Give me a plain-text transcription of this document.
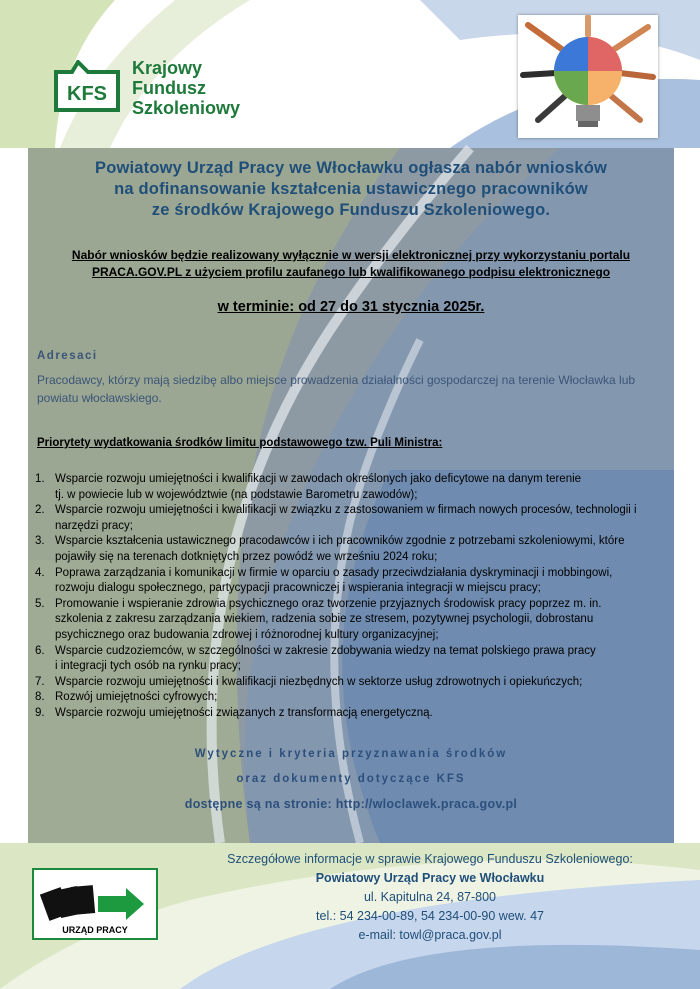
KFS
Krajowy
Fundusz
Szkoleniowy
Powiatowy Urząd Pracy we Włocławku ogłasza nabór wniosków
na dofinansowanie kształcenia ustawicznego pracowników
ze środków Krajowego Funduszu Szkoleniowego.
Nabór wniosków będzie realizowany wyłącznie w wersji elektronicznej przy wykorzystaniu portalu
PRACA.GOV.PL z użyciem profilu zaufanego lub kwalifikowanego podpisu elektronicznego
w terminie: od 27 do 31 stycznia 2025r.
Adresaci
Pracodawcy, którzy mają siedzibę albo miejsce prowadzenia działalności gospodarczej na terenie Włocławka lub powiatu włocławskiego.
Priorytety wydatkowania środków limitu podstawowego tzw. Puli Ministra:
1. Wsparcie rozwoju umiejętności i kwalifikacji w zawodach określonych jako deficytowe na danym terenie
tj. w powiecie lub w województwie (na podstawie Barometru zawodów);
2. Wsparcie rozwoju umiejętności i kwalifikacji w związku z zastosowaniem w firmach nowych procesów, technologii i
narzędzi pracy;
3. Wsparcie kształcenia ustawicznego pracodawców i ich pracowników zgodnie z potrzebami szkoleniowymi, które
pojawiły się na terenach dotkniętych przez powódź we wrześniu 2024 roku;
4. Poprawa zarządzania i komunikacji w firmie w oparciu o zasady przeciwdziałania dyskryminacji i mobbingowi,
rozwoju dialogu społecznego, partycypacji pracowniczej i wspierania integracji w miejscu pracy;
5. Promowanie i wspieranie zdrowia psychicznego oraz tworzenie przyjaznych środowisk pracy poprzez m. in.
szkolenia z zakresu zarządzania wiekiem, radzenia sobie ze stresem, pozytywnej psychologii, dobrostanu
psychicznego oraz budowania zdrowej i różnorodnej kultury organizacyjnej;
6. Wsparcie cudzoziemców, w szczególności w zakresie zdobywania wiedzy na temat polskiego prawa pracy
i integracji tych osób na rynku pracy;
7. Wsparcie rozwoju umiejętności i kwalifikacji niezbędnych w sektorze usług zdrowotnych i opiekuńczych;
8. Rozwój umiejętności cyfrowych;
9. Wsparcie rozwoju umiejętności związanych z transformacją energetyczną.
Wytyczne i kryteria przyznawania środków
oraz dokumenty dotyczące KFS
dostępne są na stronie: http://wloclawek.praca.gov.pl
URZĄD PRACY
Szczegółowe informacje w sprawie Krajowego Funduszu Szkoleniowego:
Powiatowy Urząd Pracy we Włocławku
ul. Kapitulna 24, 87-800
tel.: 54 234-00-89, 54 234-00-90 wew. 47
e-mail: towl@praca.gov.pl
